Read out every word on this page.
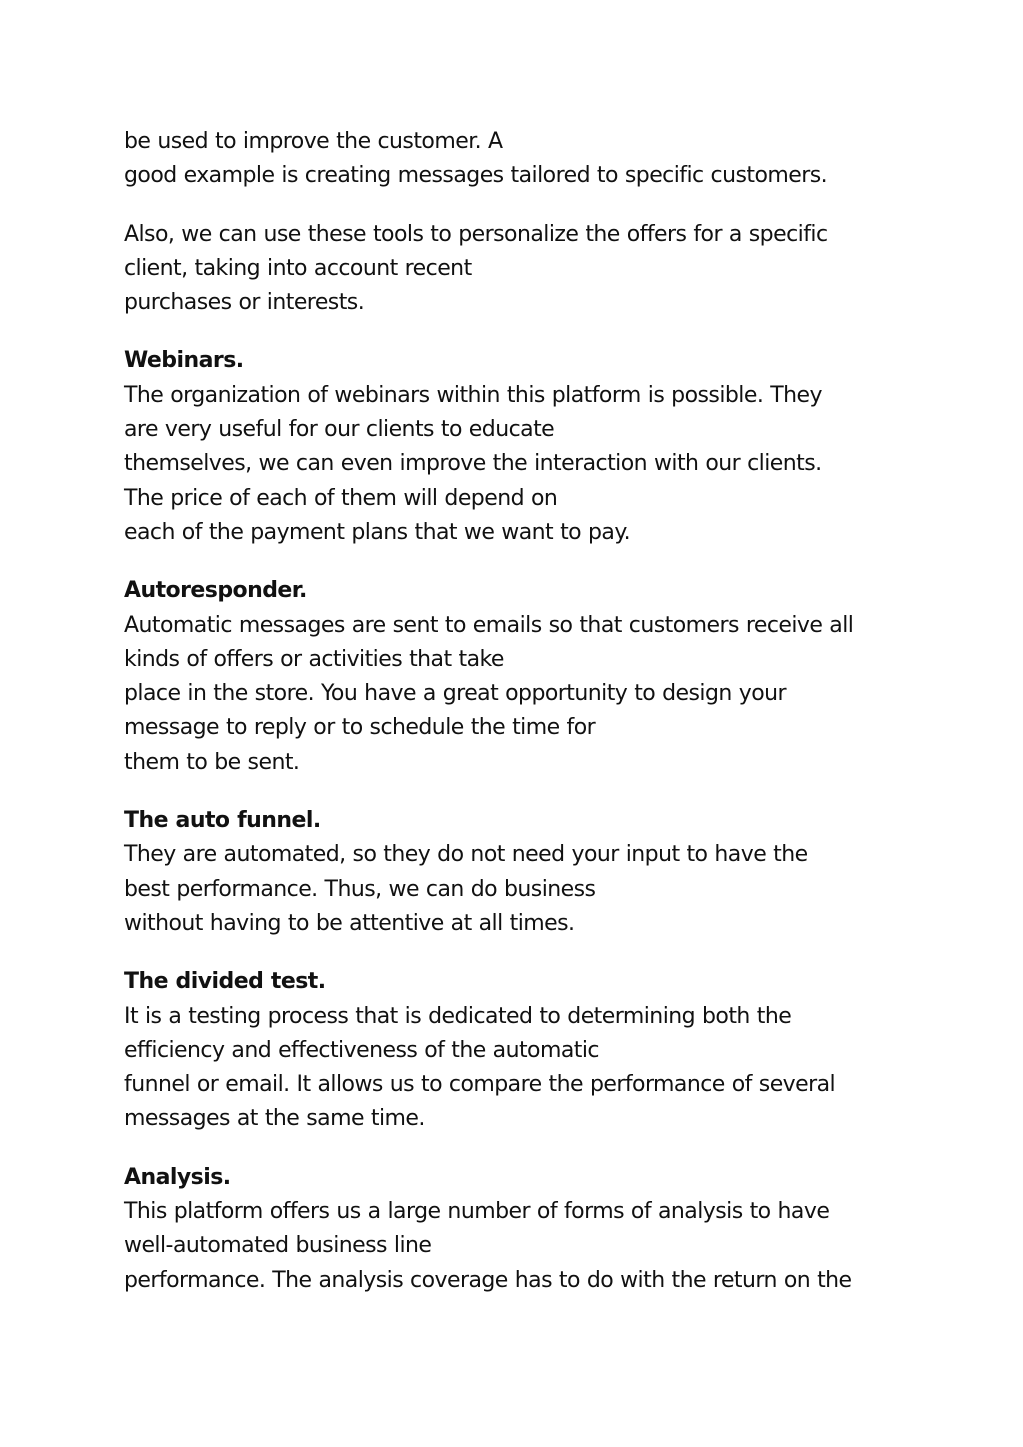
be used to improve the customer. A
good example is creating messages tailored to specific customers.
Also, we can use these tools to personalize the offers for a specific
client, taking into account recent
purchases or interests.
Webinars.
The organization of webinars within this platform is possible. They
are very useful for our clients to educate
themselves, we can even improve the interaction with our clients.
The price of each of them will depend on
each of the payment plans that we want to pay.
Autoresponder.
Automatic messages are sent to emails so that customers receive all
kinds of offers or activities that take
place in the store. You have a great opportunity to design your
message to reply or to schedule the time for
them to be sent.
The auto funnel.
They are automated, so they do not need your input to have the
best performance. Thus, we can do business
without having to be attentive at all times.
The divided test.
It is a testing process that is dedicated to determining both the
efficiency and effectiveness of the automatic
funnel or email. It allows us to compare the performance of several
messages at the same time.
Analysis.
This platform offers us a large number of forms of analysis to have
well-automated business line
performance. The analysis coverage has to do with the return on the
